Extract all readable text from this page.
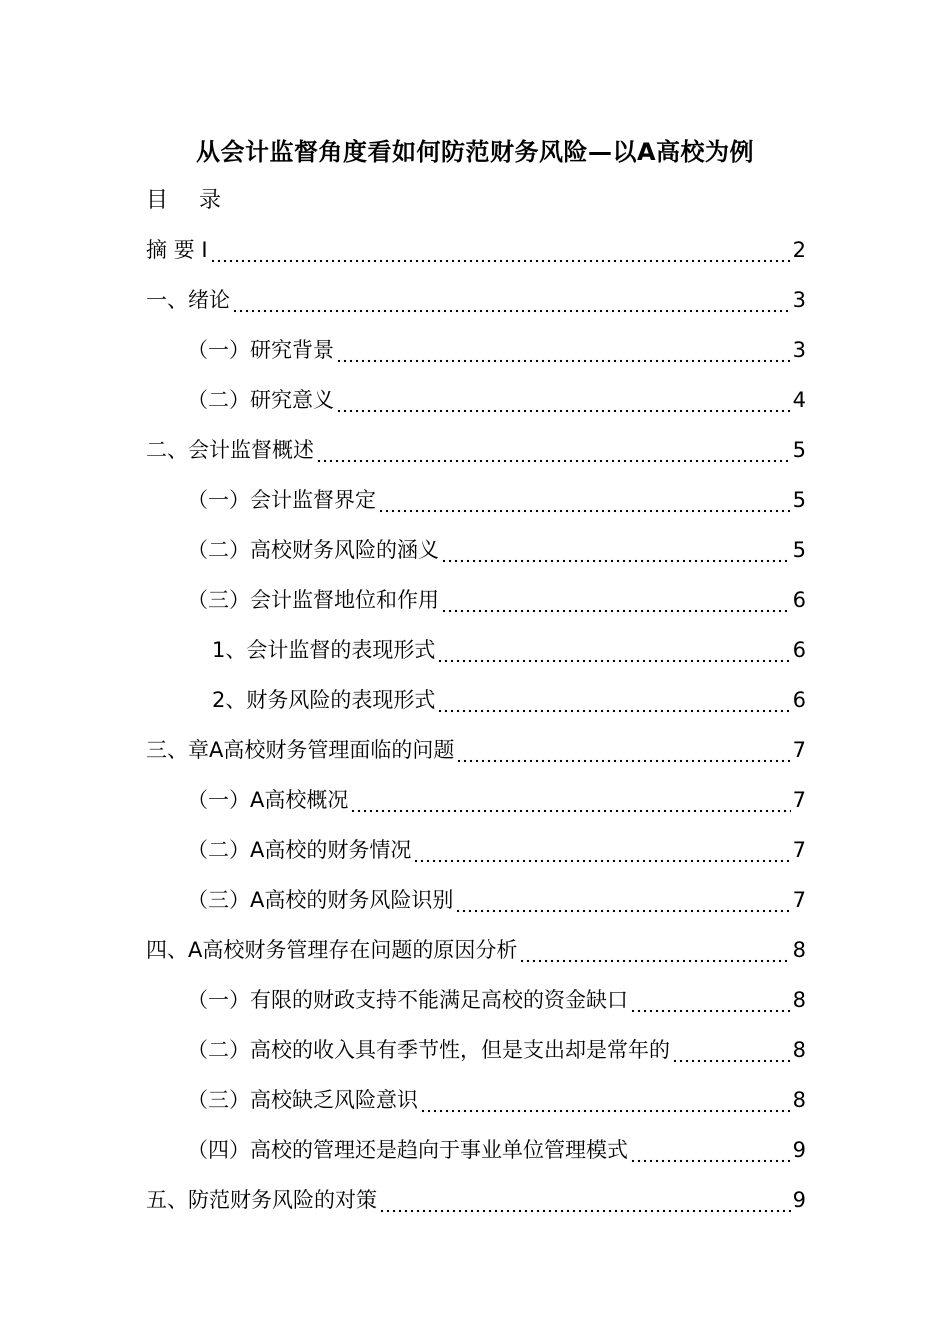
从会计监督角度看如何防范财务风险—以A高校为例
目 录
摘 要 I	2
一、绪论	3
（一）研究背景	3
（二）研究意义	4
二、会计监督概述	5
（一）会计监督界定	5
（二）高校财务风险的涵义	5
（三）会计监督地位和作用	6
1、会计监督的表现形式	6
2、财务风险的表现形式	6
三、章A高校财务管理面临的问题	7
（一）A高校概况	7
（二）A高校的财务情况	7
（三）A高校的财务风险识别	7
四、A高校财务管理存在问题的原因分析	8
（一）有限的财政支持不能满足高校的资金缺口	8
（二）高校的收入具有季节性，但是支出却是常年的	8
（三）高校缺乏风险意识	8
（四）高校的管理还是趋向于事业单位管理模式	9
五、防范财务风险的对策	9
